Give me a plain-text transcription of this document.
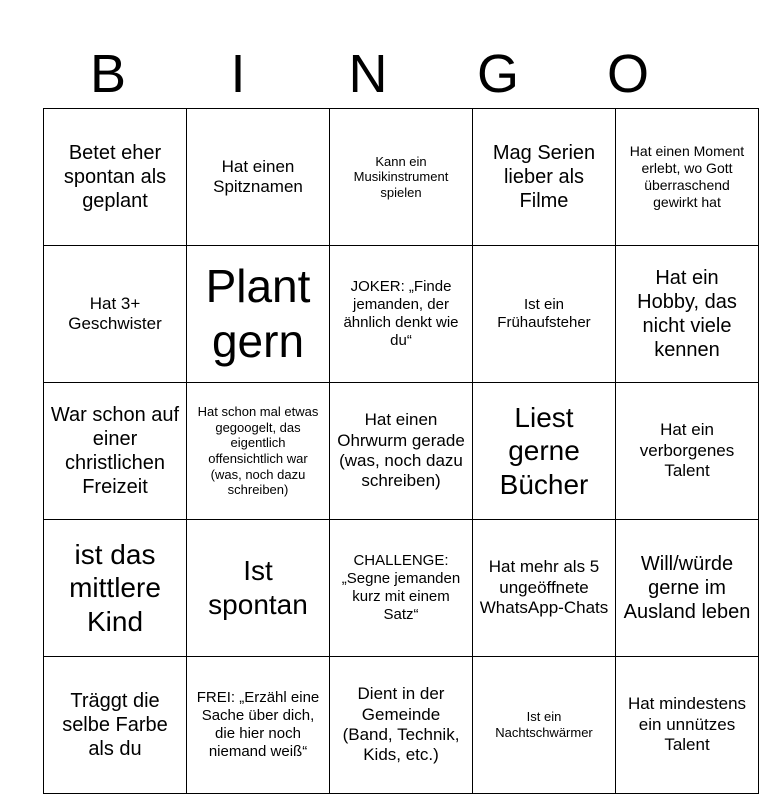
B	I	N	G	O
Betet eher spontan als geplant	Hat einen Spitznamen	Kann ein Musikinstrument spielen	Mag Serien lieber als Filme	Hat einen Moment erlebt, wo Gott überraschend gewirkt hat
Hat 3+ Geschwister	Plant gern	JOKER: „Finde jemanden, der ähnlich denkt wie du“	Ist ein Frühaufsteher	Hat ein Hobby, das nicht viele kennen
War schon auf einer christlichen Freizeit	Hat schon mal etwas gegoogelt, das eigentlich offensichtlich war (was, noch dazu schreiben)	Hat einen Ohrwurm gerade (was, noch dazu schreiben)	Liest gerne Bücher	Hat ein verborgenes Talent
ist das mittlere Kind	Ist spontan	CHALLENGE: „Segne jemanden kurz mit einem Satz“	Hat mehr als 5 ungeöffnete WhatsApp-Chats	Will/würde gerne im Ausland leben
Träggt die selbe Farbe als du	FREI: „Erzähl eine Sache über dich, die hier noch niemand weiß“	Dient in der Gemeinde (Band, Technik, Kids, etc.)	Ist ein Nachtschwärmer	Hat mindestens ein unnützes Talent
